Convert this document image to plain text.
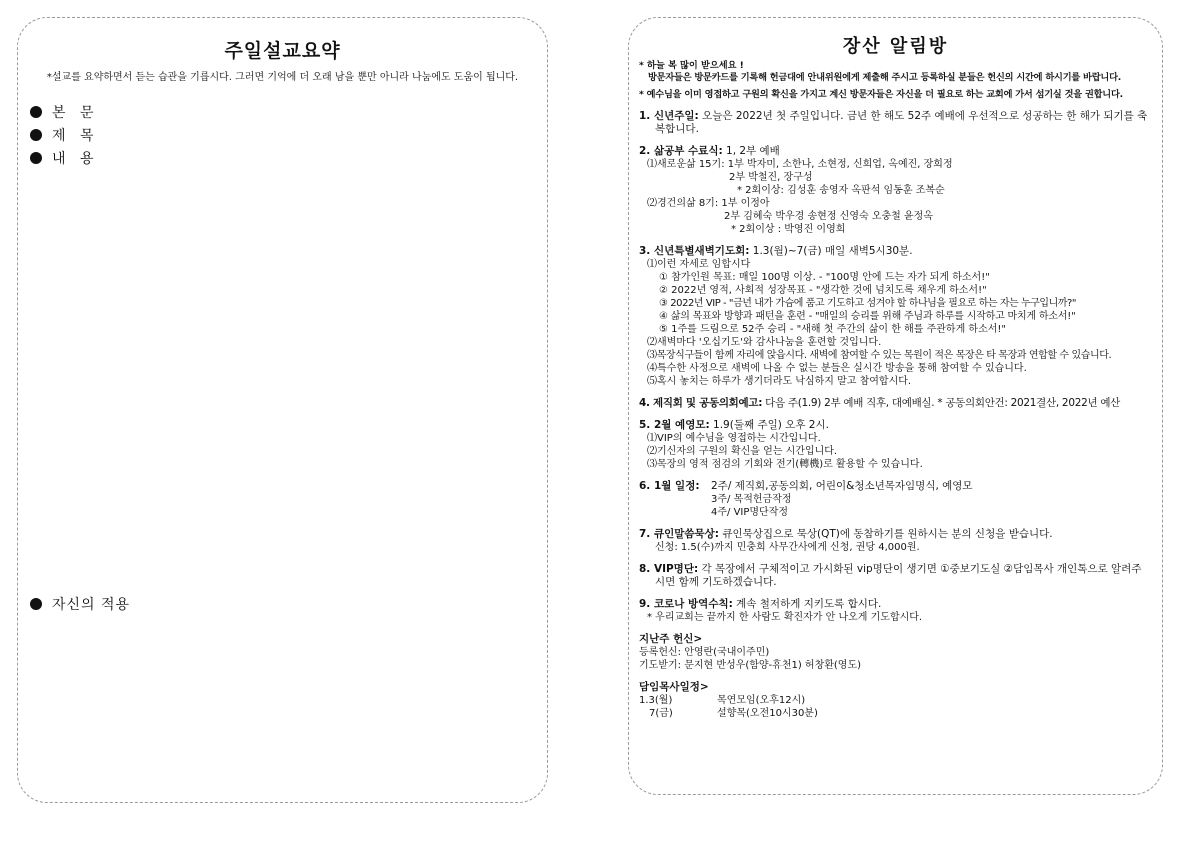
주일설교요약
*설교를 요약하면서 듣는 습관을 기릅시다. 그러면 기억에 더 오래 남을 뿐만 아니라 나눔에도 도움이 됩니다.
본 문
제 목
내 용
자신의 적용
장산 알림방

* 하늘 복 많이 받으세요 !

방문자들은 방문카드를 기록해 헌금대에 안내위원에게 제출해 주시고 등록하실 분들은 헌신의 시간에 하시기를 바랍니다.

* 예수님을 이미 영접하고 구원의 확신을 가지고 계신 방문자들은 자신을 더 필요로 하는 교회에 가서 섬기실 것을 권합니다.

1. 신년주일: 오늘은 2022년 첫 주일입니다. 금년 한 해도 52주 예배에 우선적으로 성공하는 한 해가 되기를 축복합니다.

2. 삶공부 수료식: 1, 2부 예배

⑴새로운삶 15기: 1부 박자미, 소한나, 소현정, 신희업, 옥예진, 장희정

2부 박철진, 장구성

* 2회이상: 김성훈 송영자 옥판석 임동훈 조복순

⑵경건의삶 8기: 1부 이정아

2부 김혜숙 박우경 송현정 신영숙 오충철 윤정옥

* 2회이상 : 박영진 이영희

3. 신년특별새벽기도회: 1.3(월)~7(금) 매일 새벽5시30분.

⑴이런 자세로 임합시다

① 참가인원 목표: 매일 100명 이상. - "100명 안에 드는 자가 되게 하소서!"

② 2022년 영적, 사회적 성장목표 - "생각한 것에 넘치도록 채우게 하소서!"

③ 2022년 VIP - "금년 내가 가슴에 품고 기도하고 섬겨야 할 하나님을 필요로 하는 자는 누구입니까?"

④ 삶의 목표와 방향과 패턴을 훈련 - "매일의 승리를 위해 주님과 하루를 시작하고 마치게 하소서!"

⑤ 1주를 드림으로 52주 승리 - "새해 첫 주간의 삶이 한 해를 주관하게 하소서!"

⑵새벽마다 '오십기도'와 감사나눔을 훈련할 것입니다.

⑶목장식구들이 함께 자리에 앉읍시다. 새벽에 참여할 수 있는 목원이 적은 목장은 타 목장과 연합할 수 있습니다.

⑷특수한 사정으로 새벽에 나올 수 없는 분들은 실시간 방송을 통해 참여할 수 있습니다.

⑸혹시 놓치는 하루가 생기더라도 낙심하지 말고 참여합시다.

4. 제직회 및 공동의회예고: 다음 주(1.9) 2부 예배 직후, 대예배실. * 공동의회안건: 2021결산, 2022년 예산

5. 2월 예영모: 1.9(둘째 주일) 오후 2시.

⑴VIP의 예수님을 영접하는 시간입니다.

⑵기신자의 구원의 확신을 얻는 시간입니다.

⑶목장의 영적 점검의 기회와 전기(轉機)로 활용할 수 있습니다.

6. 1월 일정: 2주/ 제직회,공동의회, 어린이&청소년목자임명식, 예영모

3주/ 목적헌금작정

4주/ VIP명단작정

7. 큐인말씀묵상: 큐인묵상집으로 묵상(QT)에 동참하기를 원하시는 분의 신청을 받습니다.

신청: 1.5(수)까지 민충희 사무간사에게 신청, 권당 4,000원.

8. VIP명단: 각 목장에서 구체적이고 가시화된 vip명단이 생기면 ①중보기도실 ②담임목사 개인톡으로 알려주시면 함께 기도하겠습니다.

9. 코로나 방역수칙: 계속 철저하게 지키도록 합시다.

* 우리교회는 끝까지 한 사람도 확진자가 안 나오게 기도합시다.

지난주 헌신>

등록헌신: 안영란(국내이주민)

기도받기: 문지현 반성우(함양-휴천1) 허창환(영도)

담임목사일정>

1.3(월)	목연모임(오후12시)

7(금)	설향목(오전10시30분)
